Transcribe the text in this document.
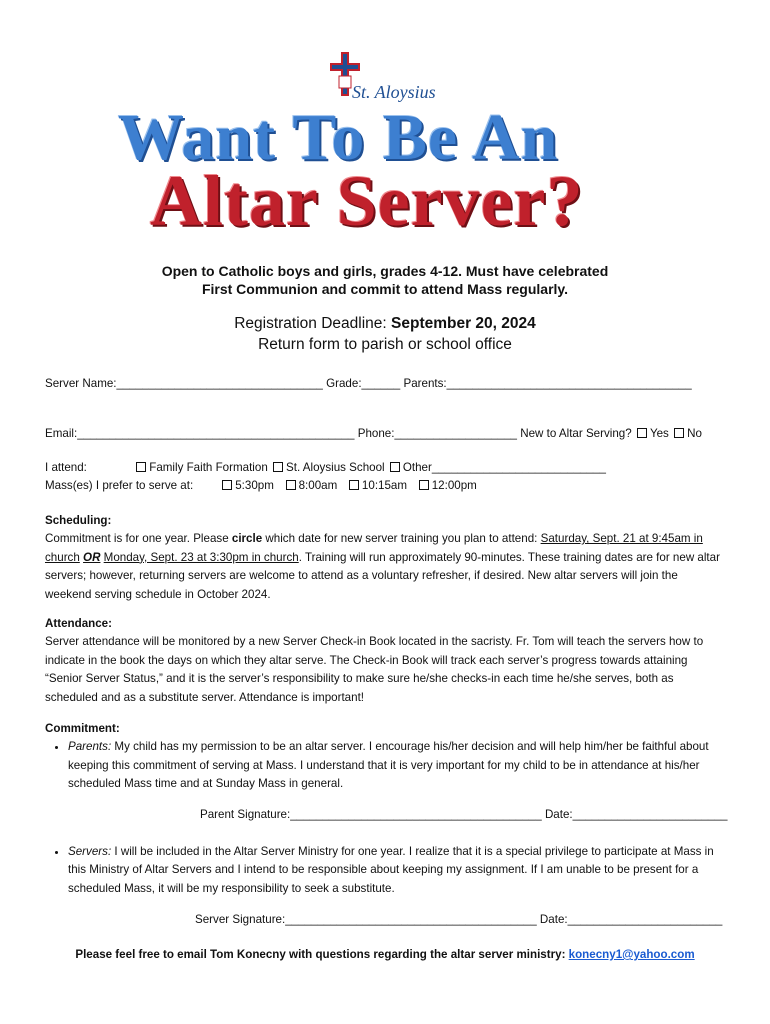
St. Aloysius
Want To Be An
Altar Server?
Open to Catholic boys and girls, grades 4-12. Must have celebrated
First Communion and commit to attend Mass regularly.
Registration Deadline: September 20, 2024
Return form to parish or school office
Server Name:________________________________ Grade:______ Parents:______________________________________
Email:___________________________________________ Phone:___________________ New to Altar Serving? Yes No
I attend:	Family Faith Formation St. Aloysius School Other___________________________
Mass(es) I prefer to serve at:	5:30pm 8:00am 10:15am 12:00pm
Scheduling:

Commitment is for one year. Please circle which date for new server training you plan to attend: Saturday, Sept. 21 at 9:45am in church OR Monday, Sept. 23 at 3:30pm in church. Training will run approximately 90-minutes. These training dates are for new altar servers; however, returning servers are welcome to attend as a voluntary refresher, if desired. New altar servers will join the weekend serving schedule in October 2024.

Attendance:

Server attendance will be monitored by a new Server Check-in Book located in the sacristy. Fr. Tom will teach the servers how to indicate in the book the days on which they altar serve. The Check-in Book will track each server’s progress towards attaining “Senior Server Status,” and it is the server’s responsibility to make sure he/she checks-in each time he/she serves, both as scheduled and as a substitute server. Attendance is important!

Commitment:
• Parents: My child has my permission to be an altar server. I encourage his/her decision and will help him/her be faithful about keeping this commitment of serving at Mass. I understand that it is very important for my child to be in attendance at his/her scheduled Mass time and at Sunday Mass in general.
Parent Signature:_______________________________________ Date:________________________
• Servers: I will be included in the Altar Server Ministry for one year. I realize that it is a special privilege to participate at Mass in this Ministry of Altar Servers and I intend to be responsible about keeping my assignment. If I am unable to be present for a scheduled Mass, it will be my responsibility to seek a substitute.
Server Signature:_______________________________________ Date:________________________
Please feel free to email Tom Konecny with questions regarding the altar server ministry: konecny1@yahoo.com
